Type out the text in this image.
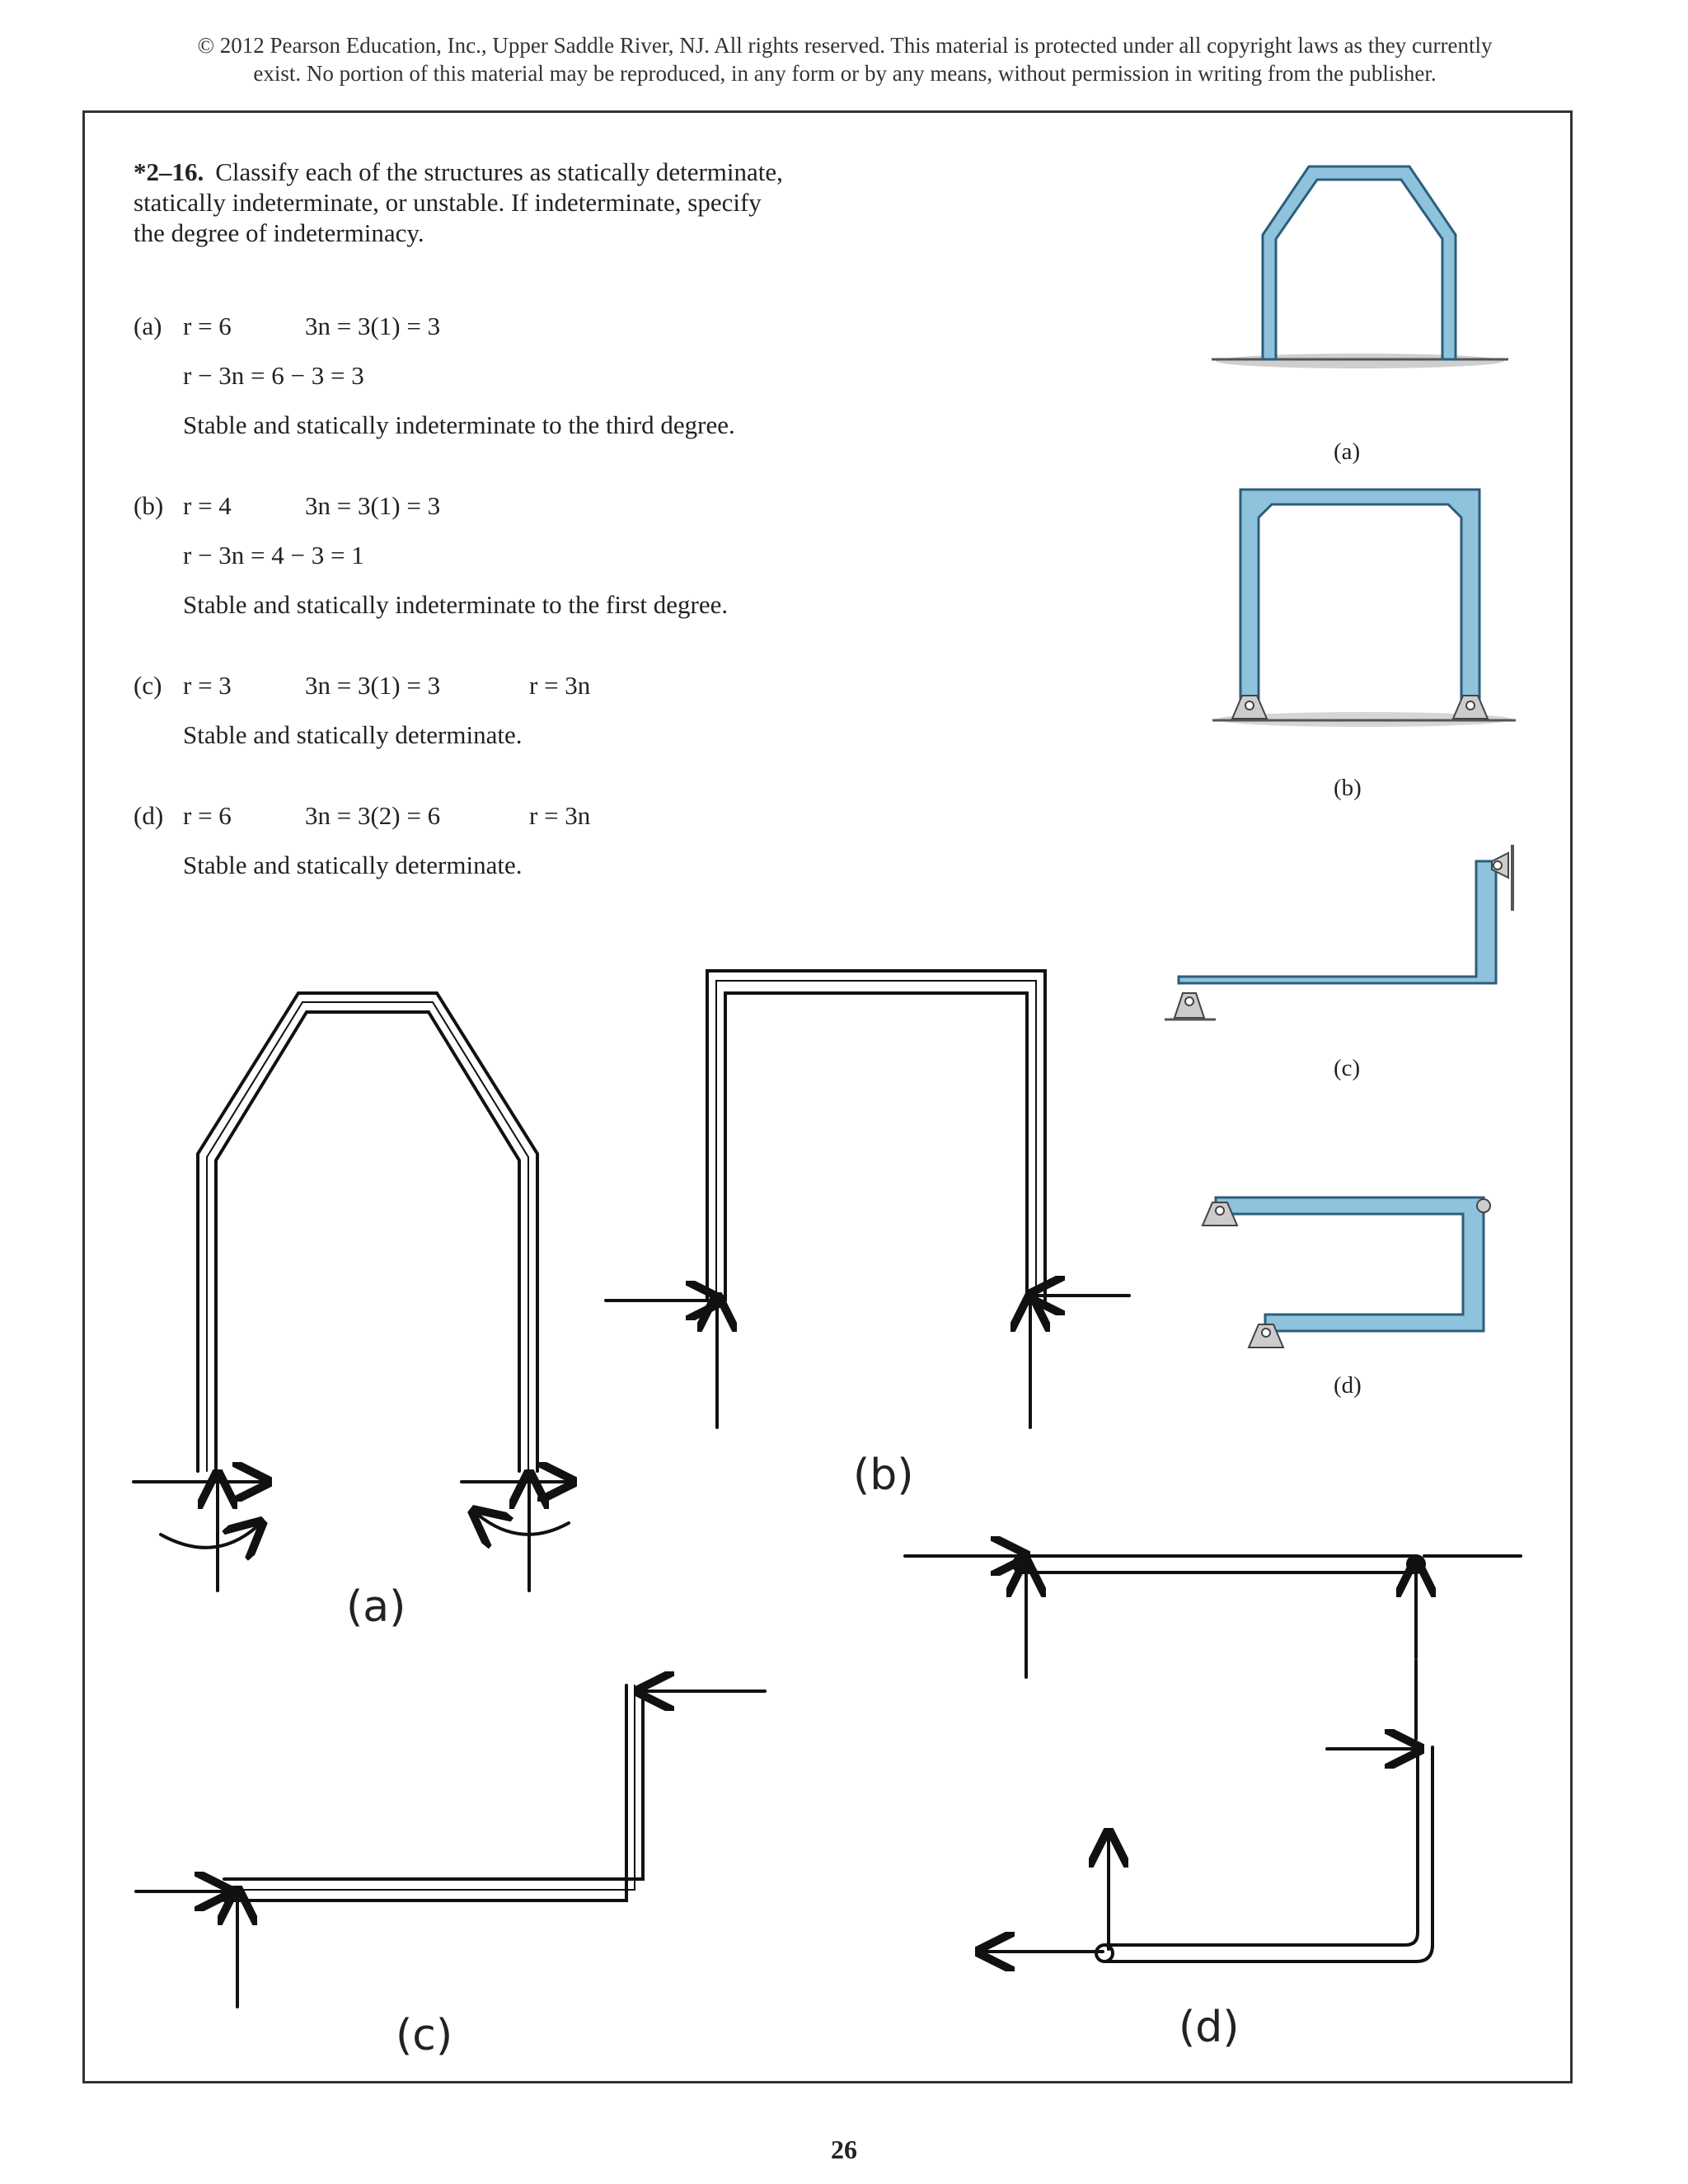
© 2012 Pearson Education, Inc., Upper Saddle River, NJ. All rights reserved. This material is protected under all copyright laws as they currently
exist. No portion of this material may be reproduced, in any form or by any means, without permission in writing from the publisher.
*2–16. Classify each of the structures as statically determinate, statically indeterminate, or unstable. If indeterminate, specify the degree of indeterminacy.
(a) r = 6	3n = 3(1) = 3
r − 3n = 6 − 3 = 3
Stable and statically indeterminate to the third degree.
(b) r = 4	3n = 3(1) = 3
r − 3n = 4 − 3 = 1
Stable and statically indeterminate to the first degree.
(c) r = 3	3n = 3(1) = 3	r = 3n
Stable and statically determinate.
(d) r = 6	3n = 3(2) = 6	r = 3n
Stable and statically determinate.
(a)
(b)
(c)
(d)
(a)
(b)
(c)	(d)
26
